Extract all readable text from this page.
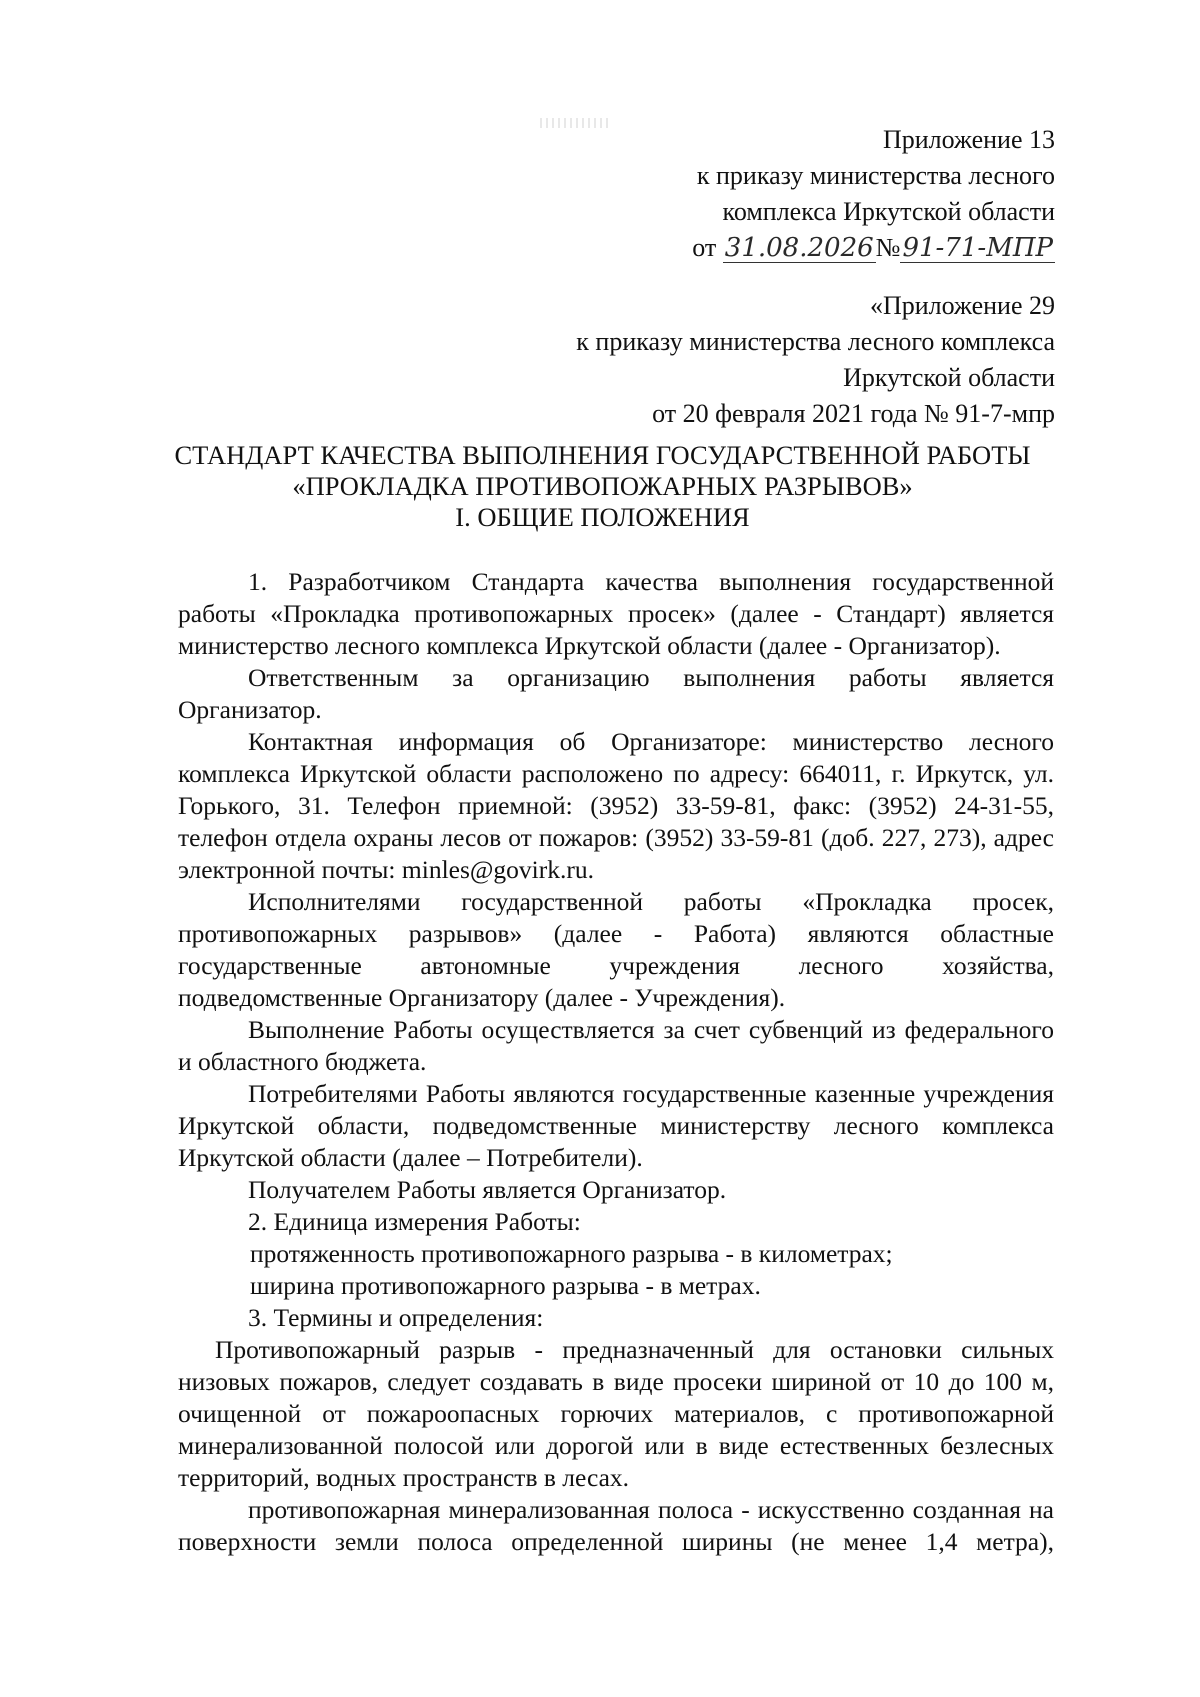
Приложение 13
к приказу министерства лесного
комплекса Иркутской области
от 31.08.2026№91-71-МПР
«Приложение 29
к приказу министерства лесного комплекса
Иркутской области
от 20 февраля 2021 года № 91-7-мпр
СТАНДАРТ КАЧЕСТВА ВЫПОЛНЕНИЯ ГОСУДАРСТВЕННОЙ РАБОТЫ
«ПРОКЛАДКА ПРОТИВОПОЖАРНЫХ РАЗРЫВОВ»
I. ОБЩИЕ ПОЛОЖЕНИЯ

1. Разработчиком Стандарта качества выполнения государственной работы «Прокладка противопожарных просек» (далее - Стандарт) является министерство лесного комплекса Иркутской области (далее - Организатор).

Ответственным за организацию выполнения работы является Организатор.

Контактная информация об Организаторе: министерство лесного комплекса Иркутской области расположено по адресу: 664011, г. Иркутск, ул. Горького, 31. Телефон приемной: (3952) 33-59-81, факс: (3952) 24-31-55, телефон отдела охраны лесов от пожаров: (3952) 33-59-81 (доб. 227, 273), адрес электронной почты: minles@govirk.ru.

Исполнителями государственной работы «Прокладка просек, противопожарных разрывов» (далее - Работа) являются областные государственные автономные учреждения лесного хозяйства, подведомственные Организатору (далее - Учреждения).

Выполнение Работы осуществляется за счет субвенций из федерального и областного бюджета.

Потребителями Работы являются государственные казенные учреждения Иркутской области, подведомственные министерству лесного комплекса Иркутской области (далее – Потребители).

Получателем Работы является Организатор.

2. Единица измерения Работы:

протяженность противопожарного разрыва - в километрах;

ширина противопожарного разрыва - в метрах.

3. Термины и определения:

Противопожарный разрыв - предназначенный для остановки сильных низовых пожаров, следует создавать в виде просеки шириной от 10 до 100 м, очищенной от пожароопасных горючих материалов, с противопожарной минерализованной полосой или дорогой или в виде естественных безлесных территорий, водных пространств в лесах.

противопожарная минерализованная полоса - искусственно созданная на поверхности земли полоса определенной ширины (не менее 1,4 метра),
